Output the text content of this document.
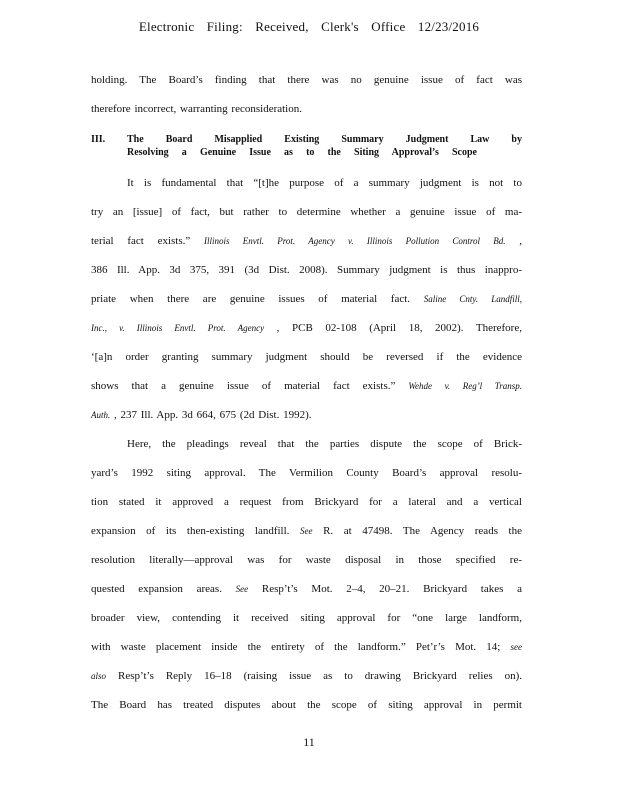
Electronic Filing: Received, Clerk's Office 12/23/2016
holding. The Board’s finding that there was no genuine issue of fact was
therefore incorrect, warranting reconsideration.
III. The Board Misapplied Existing Summary Judgment Law by
Resolving a Genuine Issue as to the Siting Approval’s Scope
It is fundamental that “[t]he purpose of a summary judgment is not to
try an [issue] of fact, but rather to determine whether a genuine issue of ma-
terial fact exists.” Illinois Envtl. Prot. Agency v. Illinois Pollution Control Bd. ,
386 Ill. App. 3d 375, 391 (3d Dist. 2008). Summary judgment is thus inappro-
priate when there are genuine issues of material fact. Saline Cnty. Landfill,
Inc., v. Illinois Envtl. Prot. Agency , PCB 02-108 (April 18, 2002). Therefore,
‘[a]n order granting summary judgment should be reversed if the evidence
shows that a genuine issue of material fact exists.” Wehde v. Reg’l Transp.
Auth. , 237 Ill. App. 3d 664, 675 (2d Dist. 1992).
Here, the pleadings reveal that the parties dispute the scope of Brick-
yard’s 1992 siting approval. The Vermilion County Board’s approval resolu-
tion stated it approved a request from Brickyard for a lateral and a vertical
expansion of its then-existing landfill. See R. at 47498. The Agency reads the
resolution literally—approval was for waste disposal in those specified re-
quested expansion areas. See Resp’t’s Mot. 2–4, 20–21. Brickyard takes a
broader view, contending it received siting approval for “one large landform,
with waste placement inside the entirety of the landform.” Pet’r’s Mot. 14; see
also Resp’t’s Reply 16–18 (raising issue as to drawing Brickyard relies on).
The Board has treated disputes about the scope of siting approval in permit
11
